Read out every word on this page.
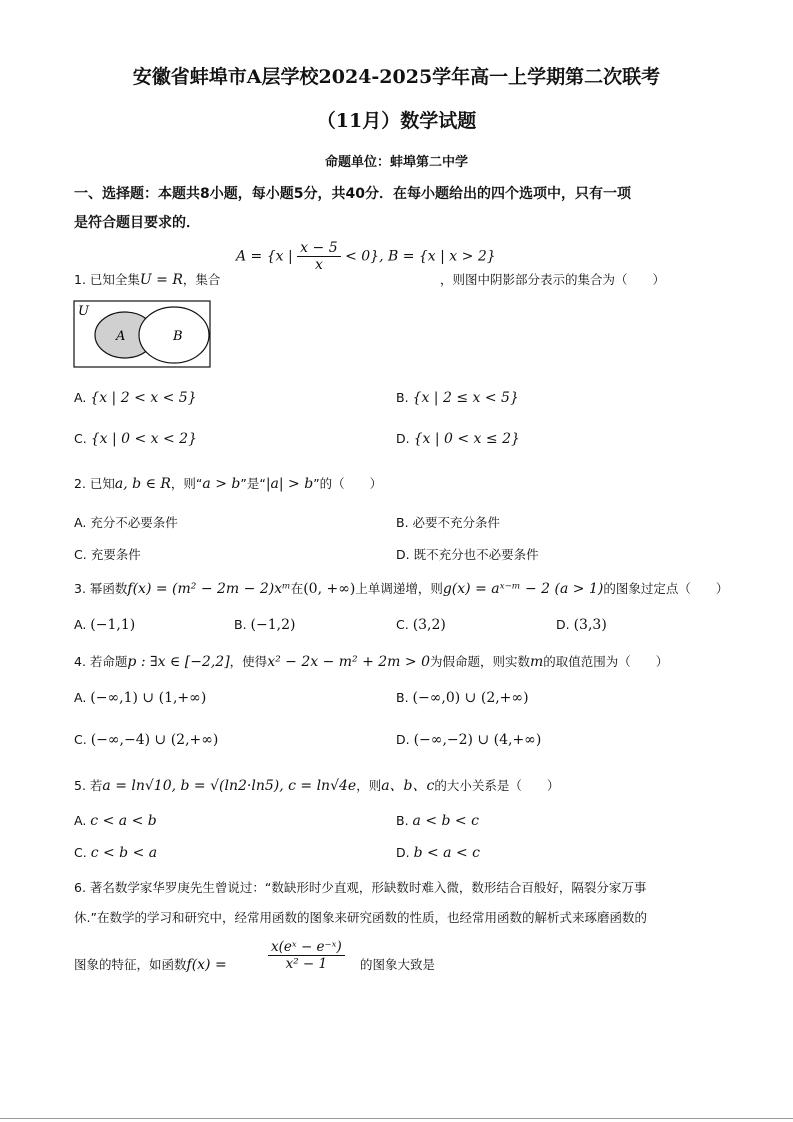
安徽省蚌埠市A层学校2024-2025学年高一上学期第二次联考
（11月）数学试题
命题单位：蚌埠第二中学
一、选择题：本题共8小题，每小题5分，共40分．在每小题给出的四个选项中，只有一项
是符合题目要求的．
1. 已知全集U = R，集合
A = {x | $\frac{x - 5}{x} < 0$}, B = {x | x > 2}
，则图中阴影部分表示的集合为（　　）
U
A	B
A. {x | 2 < x < 5}	B. {x | 2 ≤ x < 5}
C. {x | 0 < x < 2}	D. {x | 0 < x ≤ 2}
2. 已知a, b ∈ R，则“a > b”是“|a| > b”的（　　）
A. 充分不必要条件	B. 必要不充分条件
C. 充要条件	D. 既不充分也不必要条件
3. 幂函数f(x) = (m² − 2m − 2)xᵐ在(0, +∞)上单调递增，则g(x) = aˣ⁻ᵐ − 2 (a > 1)的图象过定点（　　）
A. (−1,1)	B. (−1,2)	C. (3,2)	D. (3,3)
4. 若命题p : ∃x ∈ [−2,2]，使得x² − 2x − m² + 2m > 0为假命题，则实数m的取值范围为（　　）
A. (−∞,1) ∪ (1,+∞)	B. (−∞,0) ∪ (2,+∞)
C. (−∞,−4) ∪ (2,+∞)	D. (−∞,−2) ∪ (4,+∞)
5. 若a = ln√10, b = √(ln2·ln5), c = ln√4e，则a、b、c的大小关系是（　　）
A. c < a < b	B. a < b < c
C. c < b < a	D. b < a < c
6. 著名数学家华罗庚先生曾说过：“数缺形时少直观，形缺数时难入微，数形结合百般好，隔裂分家万事
休.”在数学的学习和研究中，经常用函数的图象来研究函数的性质，也经常用函数的解析式来琢磨函数的
图象的特征，如函数f(x) =	$\frac{\text{x(eˣ − e⁻ˣ)}}{\text{x² − 1}}$ 的图象大致是
